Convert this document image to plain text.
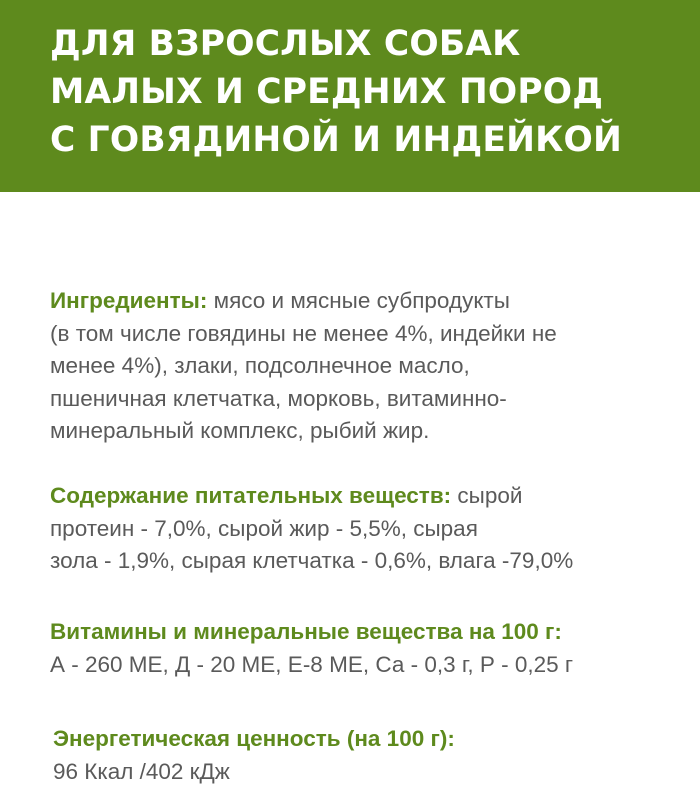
ДЛЯ ВЗРОСЛЫХ СОБАК
МАЛЫХ И СРЕДНИХ ПОРОД
С ГОВЯДИНОЙ И ИНДЕЙКОЙ
Ингредиенты: мясо и мясные субпродукты
(в том числе говядины не менее 4%, индейки не
менее 4%), злаки, подсолнечное масло,
пшеничная клетчатка, морковь, витаминно-
минеральный комплекс, рыбий жир.
Содержание питательных веществ: сырой
протеин - 7,0%, сырой жир - 5,5%, сырая
зола - 1,9%, сырая клетчатка - 0,6%, влага -79,0%
Витамины и минеральные вещества на 100 г:
А - 260 МЕ, Д - 20 МЕ, Е-8 МЕ, Са - 0,3 г, Р - 0,25 г
Энергетическая ценность (на 100 г):
96 Ккал /402 кДж
